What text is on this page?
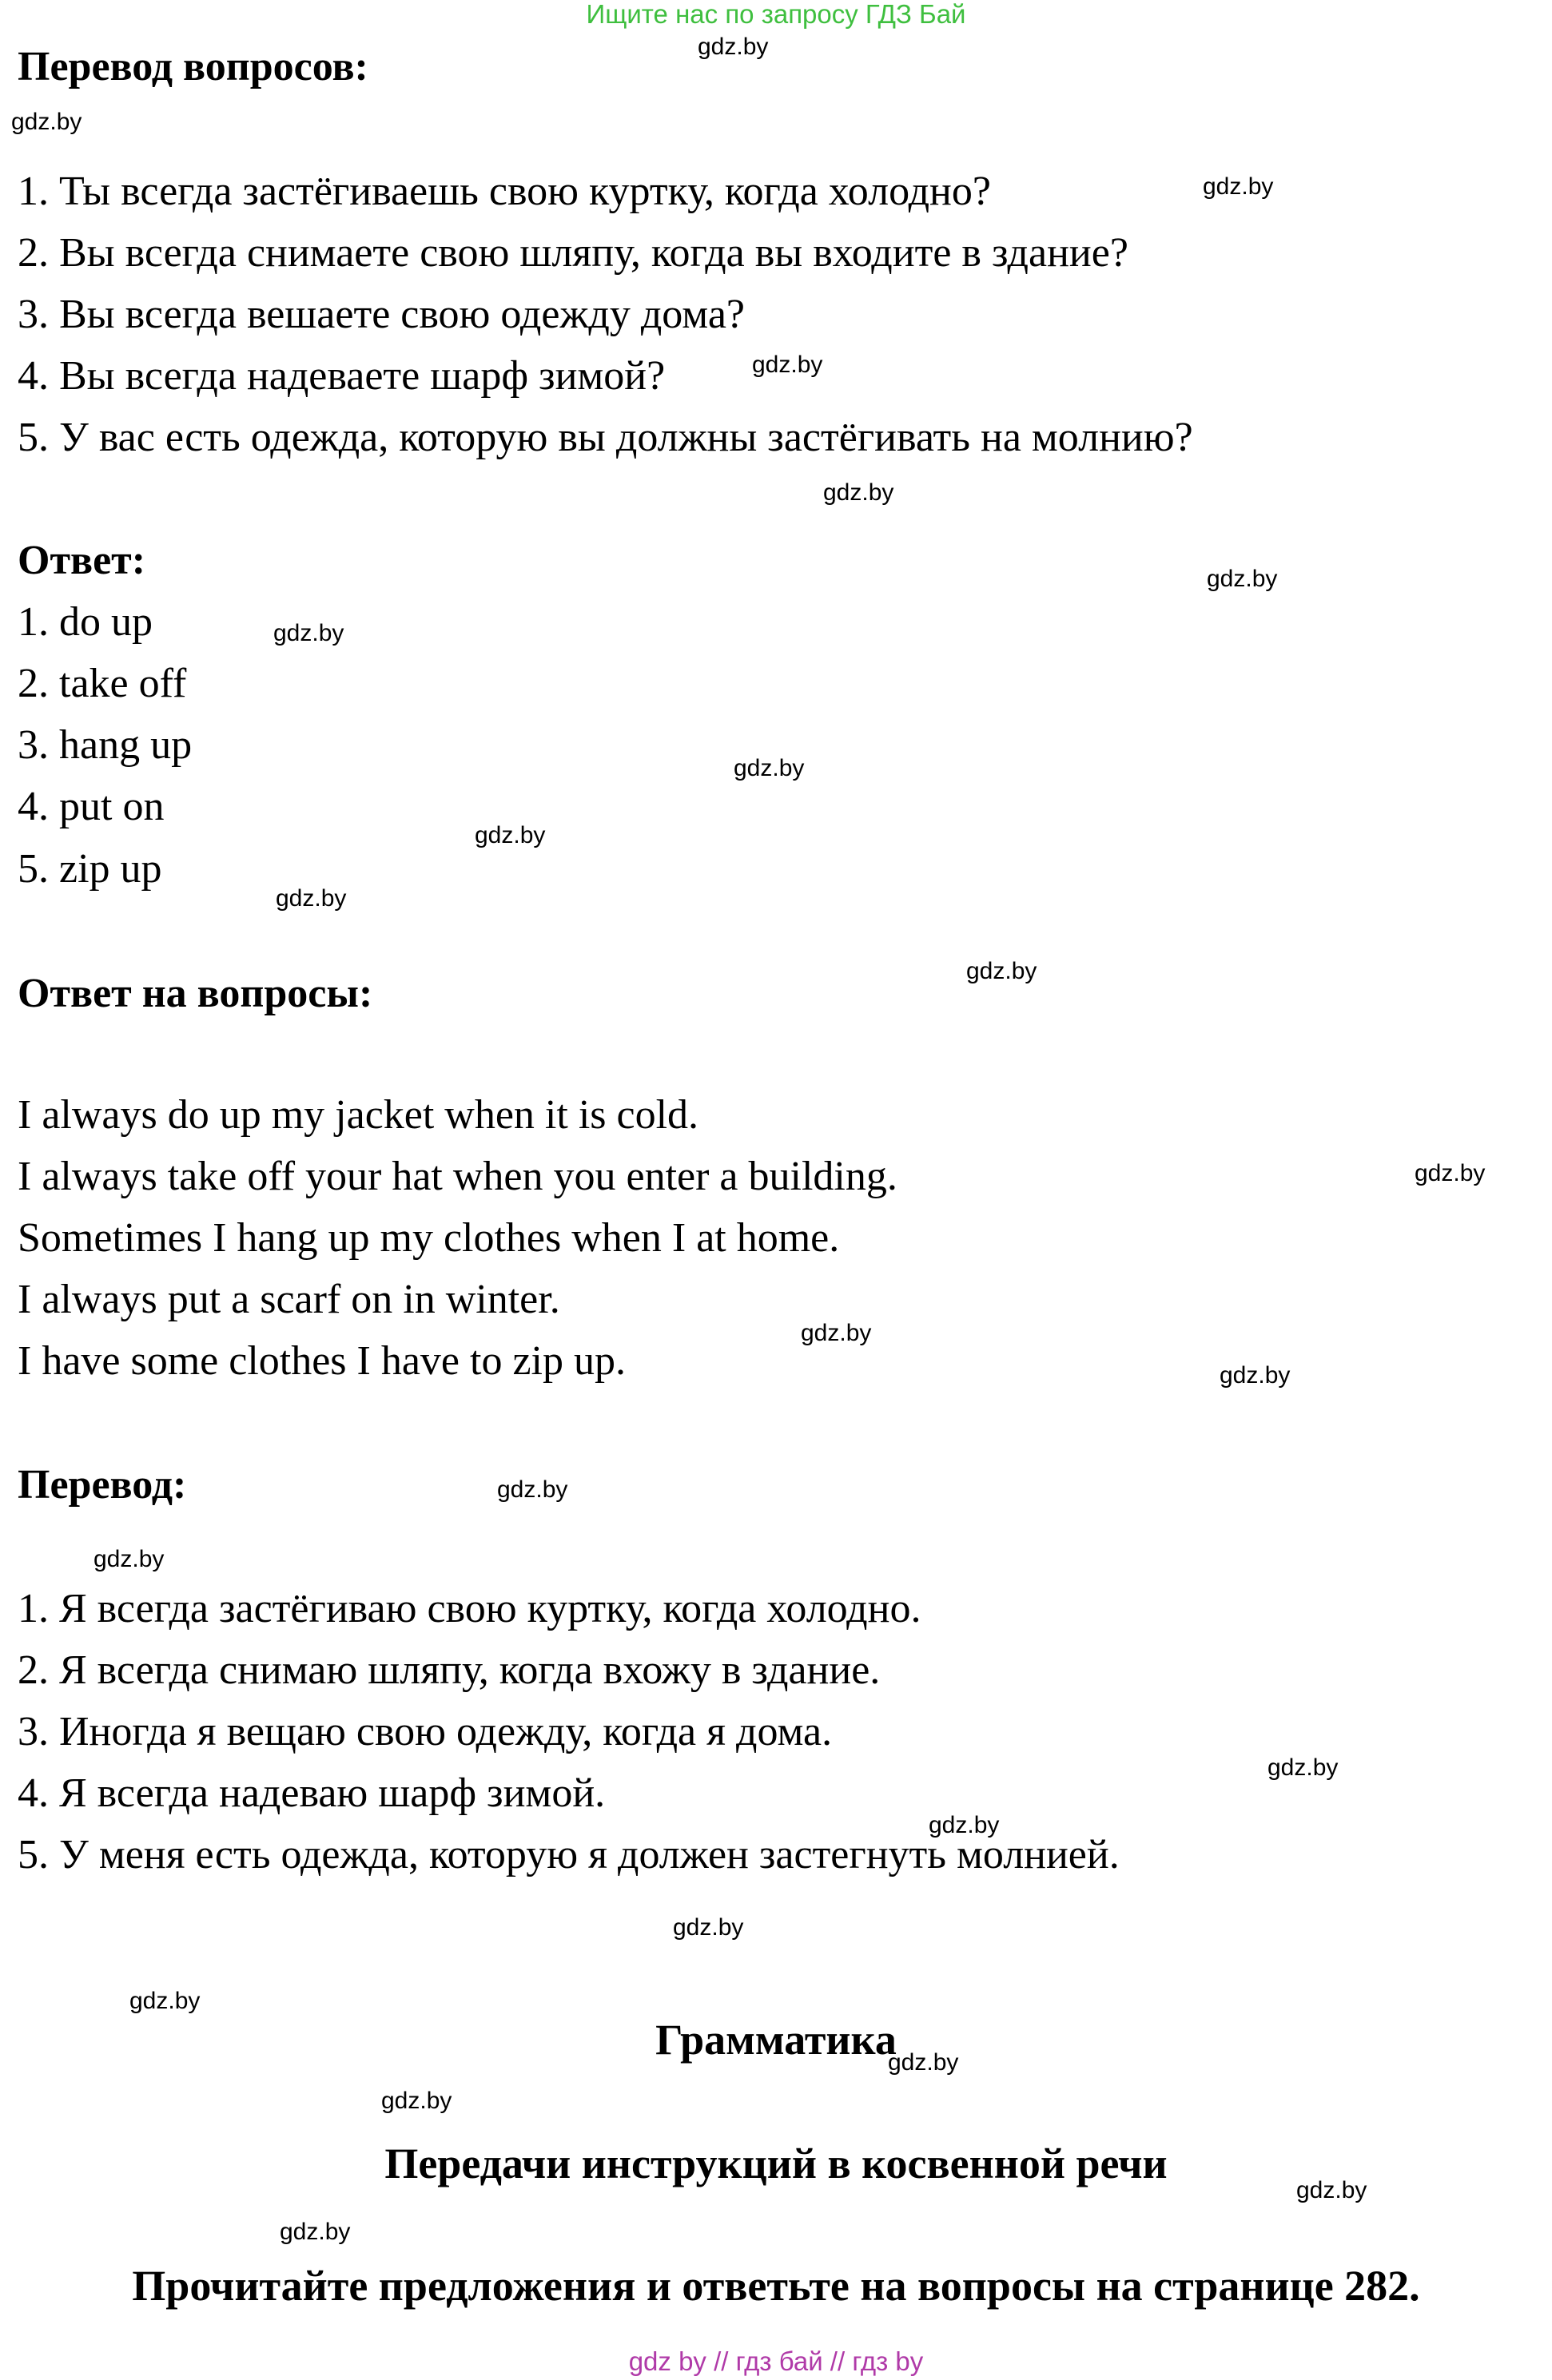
Ищите нас по запросу ГДЗ Бай
Перевод вопросов:
1. Ты всегда застёгиваешь свою куртку, когда холодно?
2. Вы всегда снимаете свою шляпу, когда вы входите в здание?
3. Вы всегда вешаете свою одежду дома?
4. Вы всегда надеваете шарф зимой?
5. У вас есть одежда, которую вы должны застёгивать на молнию?
Ответ:
1. do up
2. take off
3. hang up
4. put on
5. zip up
Ответ на вопросы:
I always do up my jacket when it is cold.
I always take off your hat when you enter a building.
Sometimes I hang up my clothes when I at home.
I always put a scarf on in winter.
I have some clothes I have to zip up.
Перевод:
1. Я всегда застёгиваю свою куртку, когда холодно.
2. Я всегда снимаю шляпу, когда вхожу в здание.
3. Иногда я вещаю свою одежду, когда я дома.
4. Я всегда надеваю шарф зимой.
5. У меня есть одежда, которую я должен застегнуть молнией.
Грамматика
Передачи инструкций в косвенной речи
Прочитайте предложения и ответьте на вопросы на странице 282.
gdz.by
gdz.by
gdz.by
gdz.by
gdz.by
gdz.by
gdz.by
gdz.by
gdz.by
gdz.by
gdz.by
gdz.by
gdz.by
gdz.by
gdz.by
gdz.by
gdz.by
gdz.by
gdz.by
gdz.by
gdz.by
gdz.by
gdz.by
gdz.by
gdz by // гдз бай // гдз by
